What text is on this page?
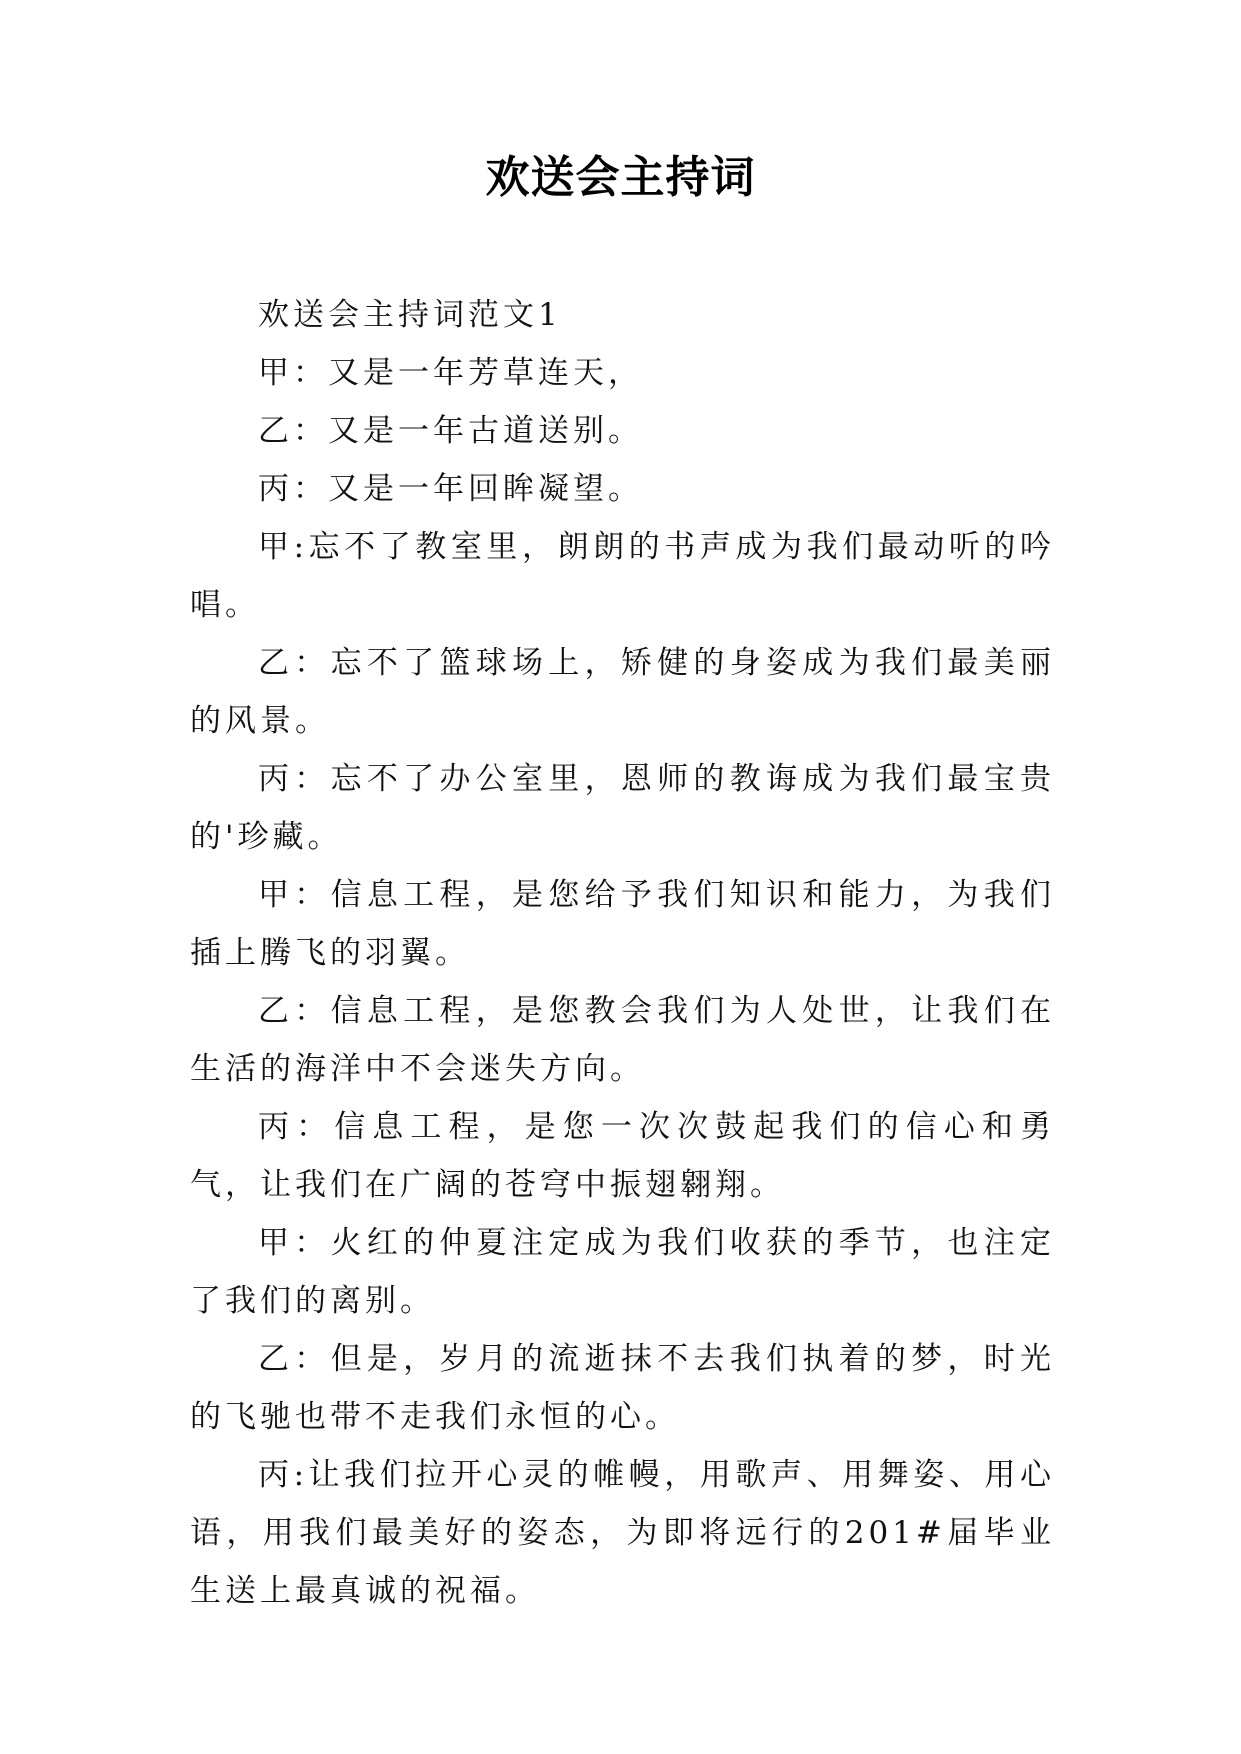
欢送会主持词

欢送会主持词范文1

甲：又是一年芳草连天，

乙：又是一年古道送别。

丙：又是一年回眸凝望。

甲:忘不了教室里，朗朗的书声成为我们最动听的吟唱。

乙：忘不了篮球场上，矫健的身姿成为我们最美丽的风景。

丙：忘不了办公室里，恩师的教诲成为我们最宝贵的'珍藏。

甲：信息工程，是您给予我们知识和能力，为我们插上腾飞的羽翼。

乙：信息工程，是您教会我们为人处世，让我们在生活的海洋中不会迷失方向。

丙：信息工程，是您一次次鼓起我们的信心和勇气，让我们在广阔的苍穹中振翅翱翔。

甲：火红的仲夏注定成为我们收获的季节，也注定了我们的离别。

乙：但是，岁月的流逝抹不去我们执着的梦，时光的飞驰也带不走我们永恒的心。

丙:让我们拉开心灵的帷幔，用歌声、用舞姿、用心语，用我们最美好的姿态，为即将远行的201#届毕业生送上最真诚的祝福。
